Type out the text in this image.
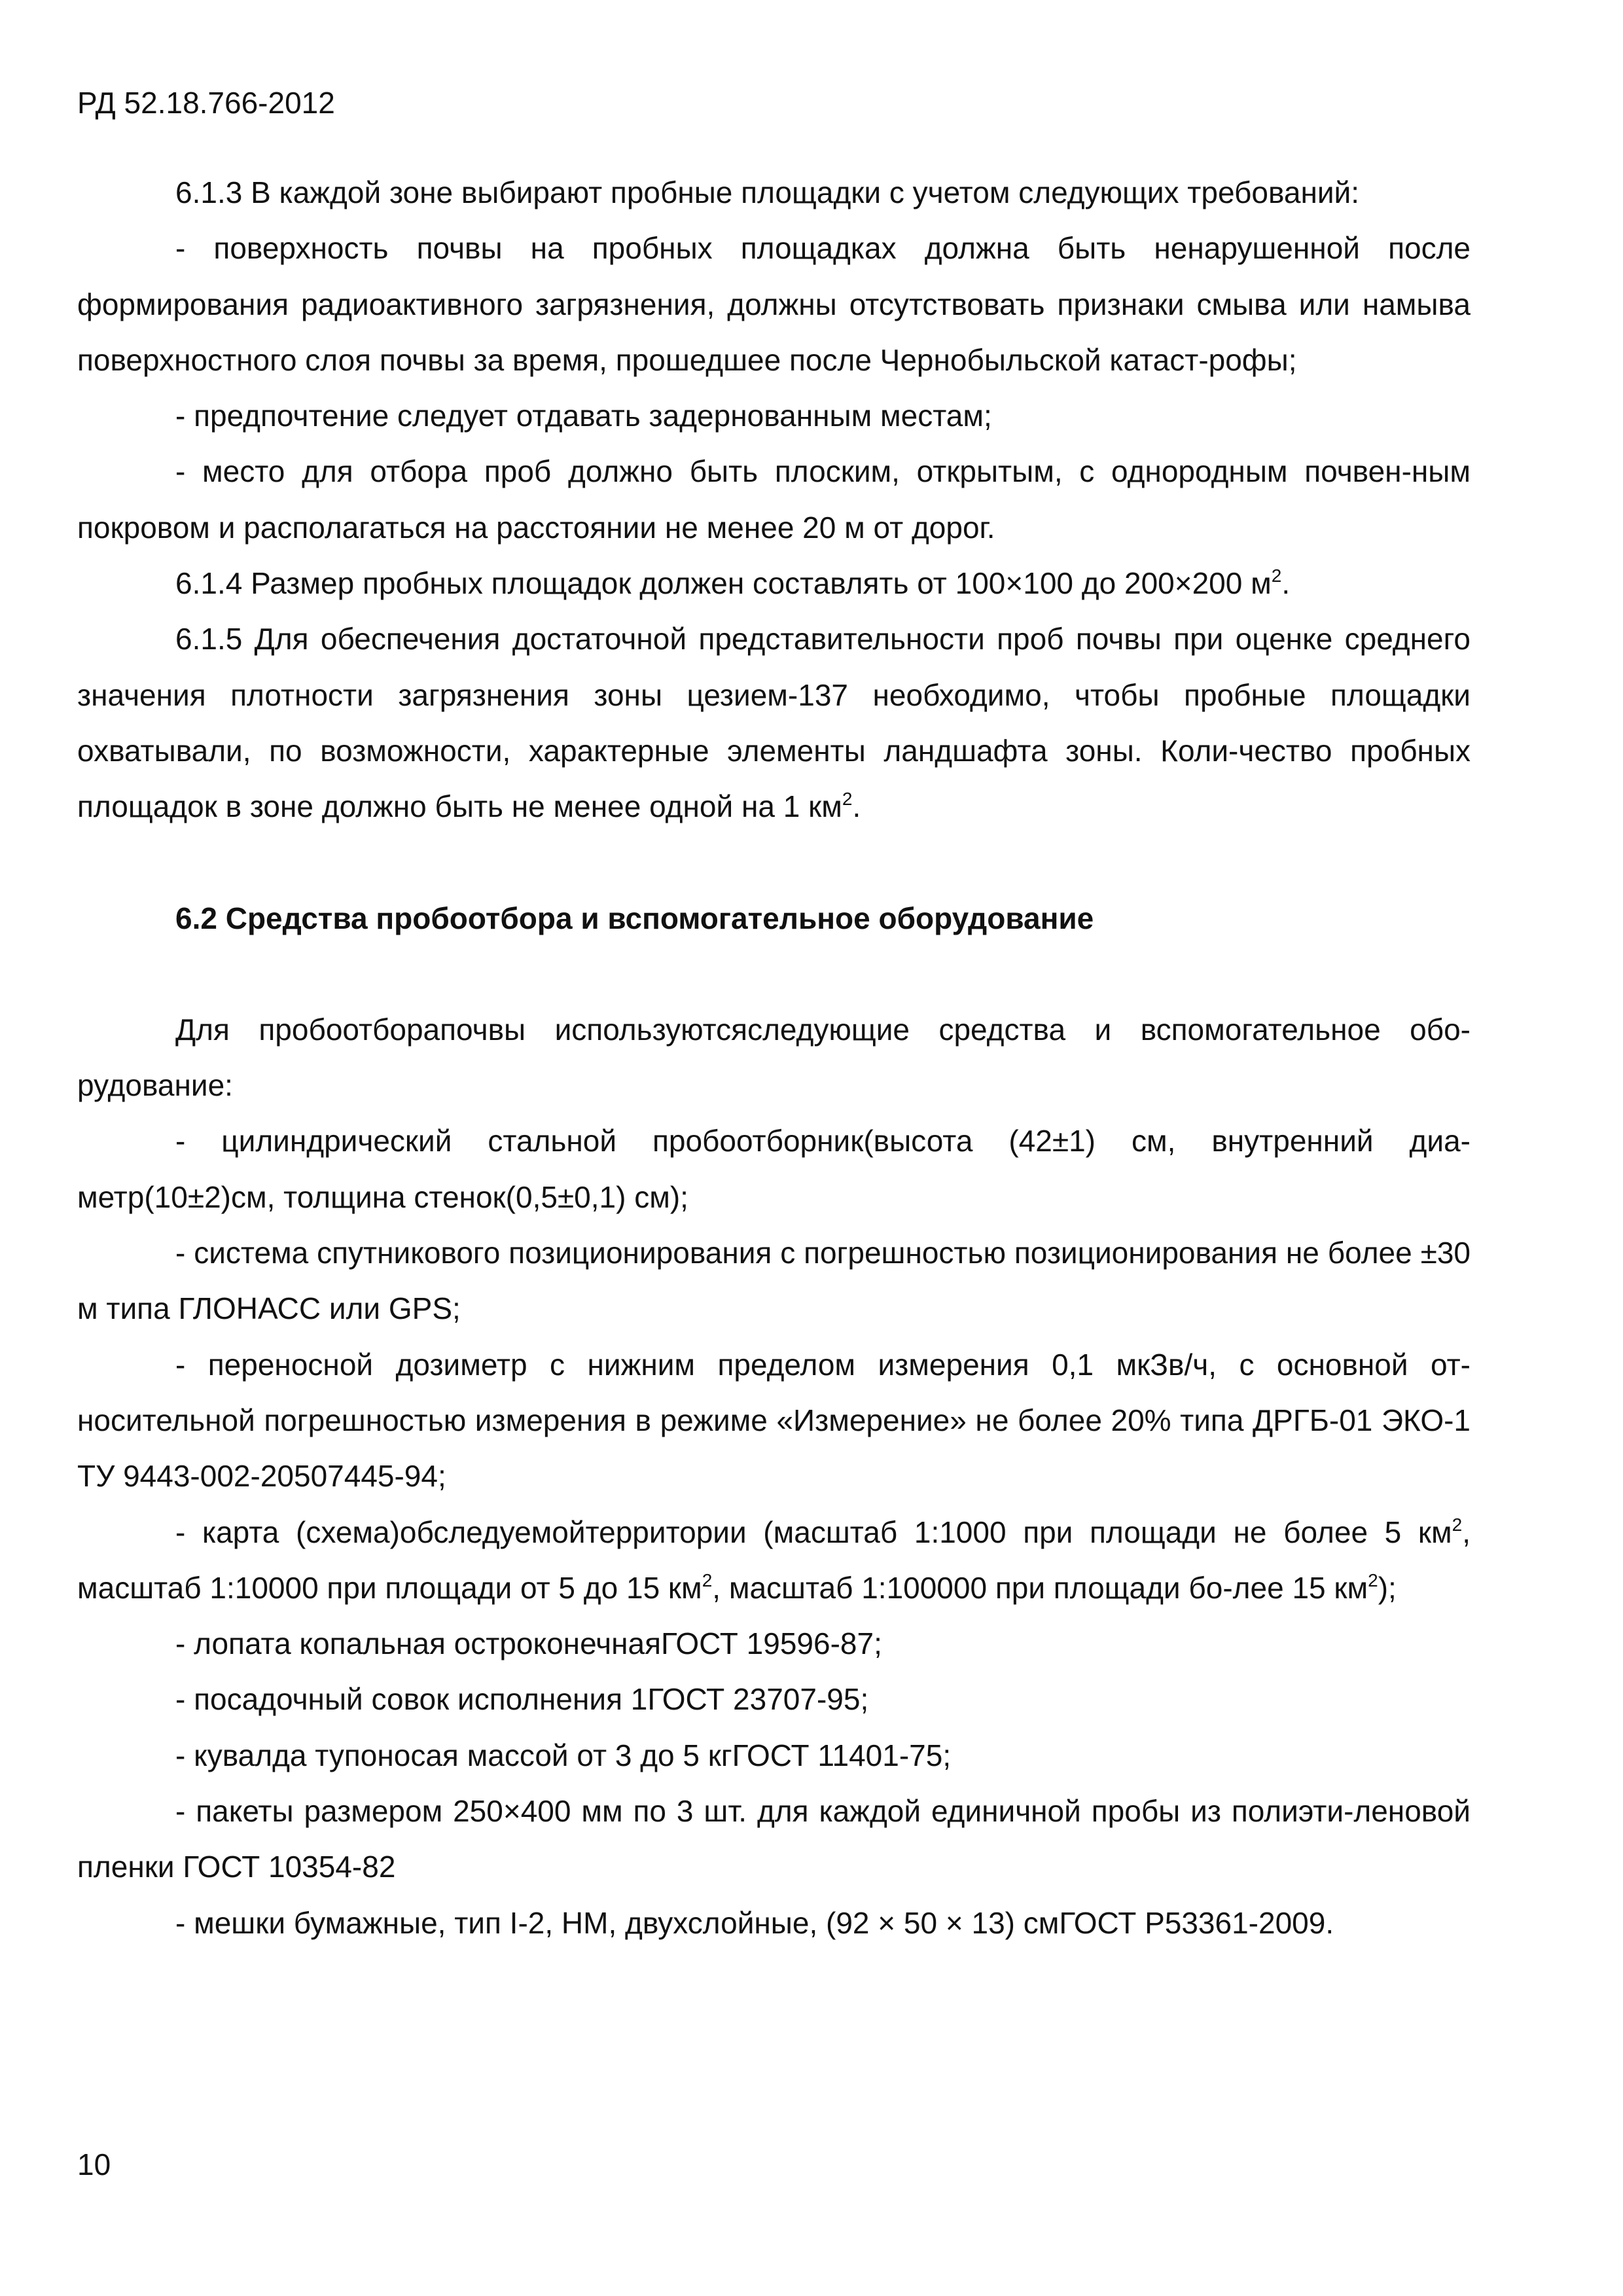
РД 52.18.766-2012

6.1.3 В каждой зоне выбирают пробные площадки с учетом следующих требований:

- поверхность почвы на пробных площадках должна быть ненарушенной после формирования радиоактивного загрязнения, должны отсутствовать признаки смыва или намыва поверхностного слоя почвы за время, прошедшее после Чернобыльской катаст-рофы;

- предпочтение следует отдавать задернованным местам;

- место для отбора проб должно быть плоским, открытым, с однородным почвен-ным покровом и располагаться на расстоянии не менее 20 м от дорог.

6.1.4 Размер пробных площадок должен составлять от 100×100 до 200×200 $м^2$.

6.1.5 Для обеспечения достаточной представительности проб почвы при оценке среднего значения плотности загрязнения зоны цезием-137 необходимо, чтобы пробные площадки охватывали, по возможности, характерные элементы ландшафта зоны. Коли-чество пробных площадок в зоне должно быть не менее одной на 1 $км^2$.

6.2 Средства пробоотбора и вспомогательное оборудование

Для пробоотборапочвы используютсяследующие средства и вспомогательное обо-рудование:

- цилиндрический стальной пробоотборник(высота (42±1) см, внутренний диа-метр(10±2)см, толщина стенок(0,5±0,1) см);

- система спутникового позиционирования с погрешностью позиционирования не более ±30 м типа ГЛОНАСС или GPS;

- переносной дозиметр с нижним пределом измерения 0,1 мкЗв/ч, с основной от-носительной погрешностью измерения в режиме «Измерение» не более 20% типа ДРГБ-01 ЭКО-1 ТУ 9443-002-20507445-94;

- карта (схема)обследуемойтерритории (масштаб 1:1000 при площади не более 5 $км^2$, масштаб 1:10000 при площади от 5 до 15 $км^2$, масштаб 1:100000 при площади бо-лее 15 $км^2$);

- лопата копальная остроконечнаяГОСТ 19596-87;

- посадочный совок исполнения 1ГОСТ 23707-95;

- кувалда тупоносая массой от 3 до 5 кгГОСТ 11401-75;

- пакеты размером 250×400 мм по 3 шт. для каждой единичной пробы из полиэти-леновой пленки ГОСТ 10354-82

- мешки бумажные, тип I-2, НМ, двухслойные, (92 × 50 × 13) смГОСТ Р53361-2009.

10
